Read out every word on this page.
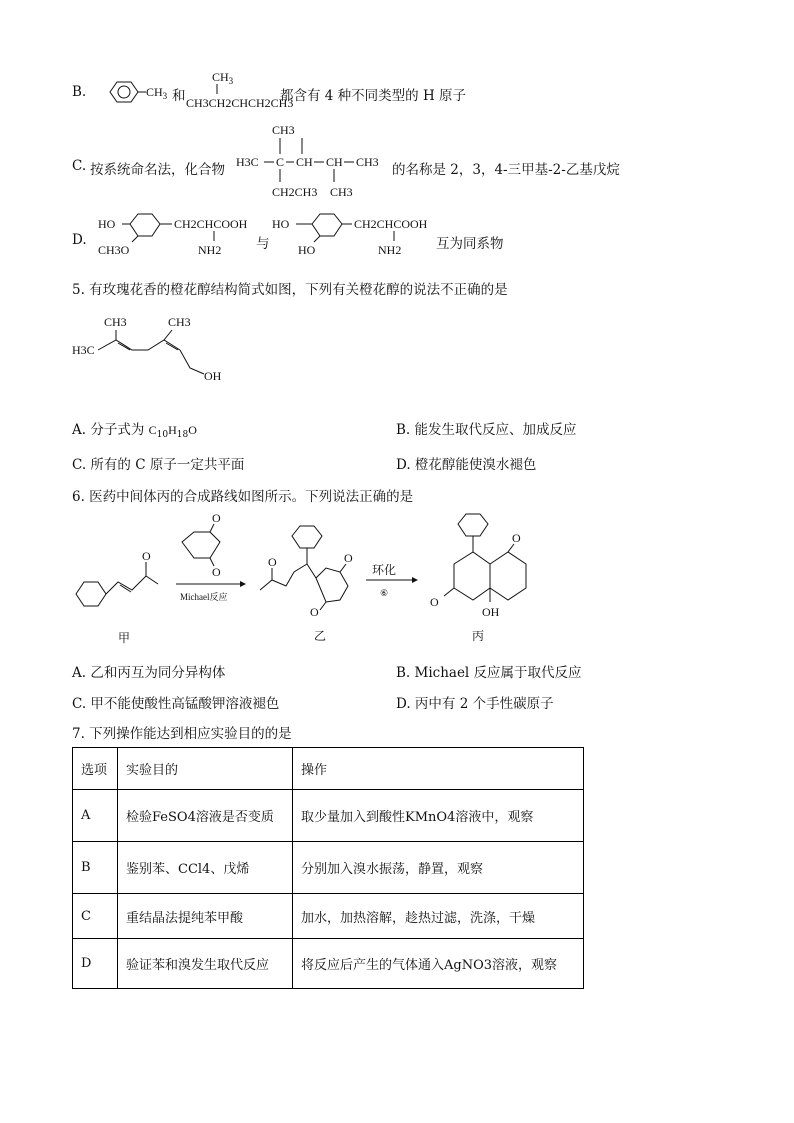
B.	$CH_3$ 和
$CH_3$
CH3CH2CHCH2CH3
都含有 4 种不同类型的 H 原子
C. 按系统命名法，化合物
CH3
H3C C CH CH CH3
CH2CH3 CH3
的名称是 2，3，4-三甲基-2-乙基戊烷
D.
HO
CH3O
CH2CHCOOH
NH2	与
HO
HO
CH2CHCOOH
NH2	互为同系物
5. 有玫瑰花香的橙花醇结构简式如图，下列有关橙花醇的说法不正确的是
CH3	CH3
H3C
OH
A. 分子式为 $C_{10}H_{18}O$	B. 能发生取代反应、加成反应
C. 所有的 C 原子一定共平面	D. 橙花醇能使溴水褪色
6. 医药中间体丙的合成路线如图所示。下列说法正确的是
O
甲
O
O
Michael反应
O	O
O
乙
环化
⑥
O
O
OH
丙
A. 乙和丙互为同分异构体	B. Michael 反应属于取代反应
C. 甲不能使酸性高锰酸钾溶液褪色	D. 丙中有 2 个手性碳原子
7. 下列操作能达到相应实验目的的是
选项	实验目的	操作
A	检验FeSO4溶液是否变质	取少量加入到酸性KMnO4溶液中，观察
B	鉴别苯、CCl4、戊烯	分别加入溴水振荡，静置，观察
C	重结晶法提纯苯甲酸	加水，加热溶解，趁热过滤，洗涤，干燥
D	验证苯和溴发生取代反应	将反应后产生的气体通入AgNO3溶液，观察
